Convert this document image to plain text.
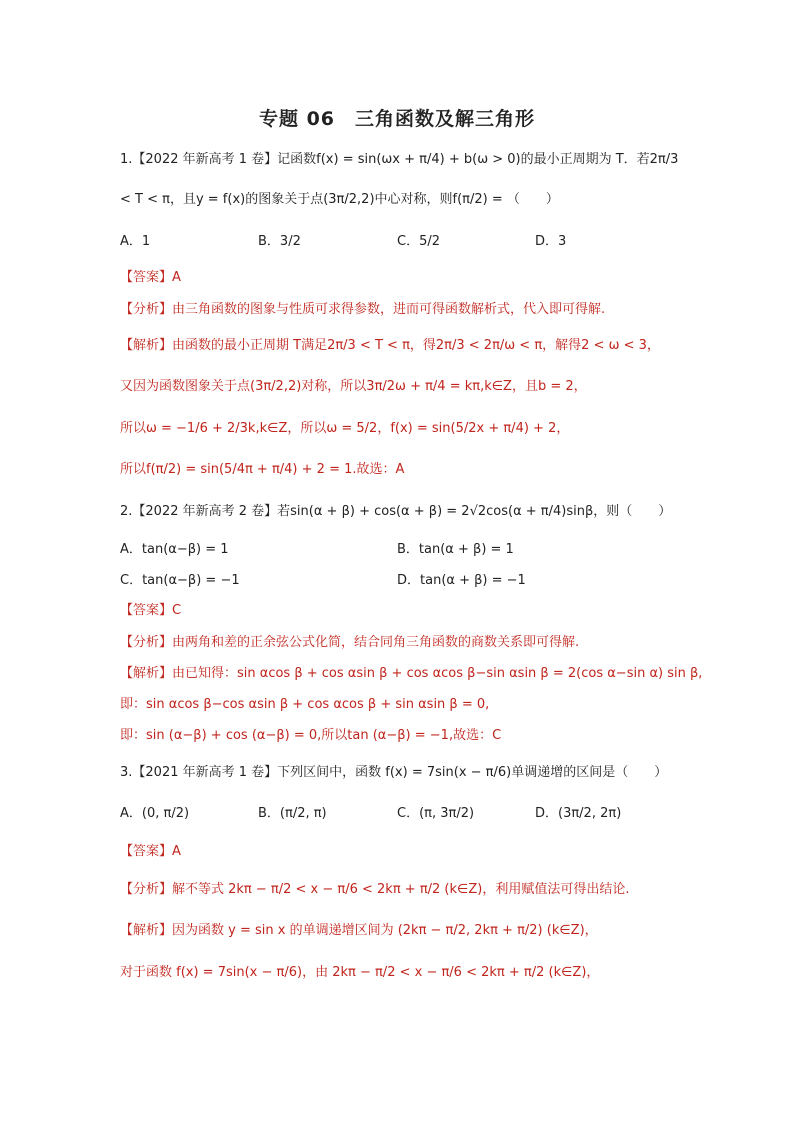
专题 06　三角函数及解三角形
1.【2022 年新高考 1 卷】记函数f(x) = sin(ωx + π/4) + b(ω > 0)的最小正周期为 T．若2π/3
< T < π，且y = f(x)的图象关于点(3π/2,2)中心对称，则f(π/2) = （　　）
A．1	B．3/2	C．5/2	D．3
【答案】A
【分析】由三角函数的图象与性质可求得参数，进而可得函数解析式，代入即可得解.
【解析】由函数的最小正周期 T满足2π/3 < T < π，得2π/3 < 2π/ω < π，解得2 < ω < 3，
又因为函数图象关于点(3π/2,2)对称，所以3π/2ω + π/4 = kπ,k∈Z，且b = 2，
所以ω = −1/6 + 2/3k,k∈Z，所以ω = 5/2，f(x) = sin(5/2x + π/4) + 2，
所以f(π/2) = sin(5/4π + π/4) + 2 = 1.故选：A
2.【2022 年新高考 2 卷】若sin(α + β) + cos(α + β) = 2√2cos(α + π/4)sinβ，则（　　）
A．tan(α−β) = 1	B．tan(α + β) = 1
C．tan(α−β) = −1	D．tan(α + β) = −1
【答案】C
【分析】由两角和差的正余弦公式化简，结合同角三角函数的商数关系即可得解.
【解析】由已知得：sin αcos β + cos αsin β + cos αcos β−sin αsin β = 2(cos α−sin α) sin β,
即：sin αcos β−cos αsin β + cos αcos β + sin αsin β = 0,
即：sin (α−β) + cos (α−β) = 0,所以tan (α−β) = −1,故选：C
3.【2021 年新高考 1 卷】下列区间中，函数 f(x) = 7sin(x − π/6)单调递增的区间是（　　）
A．(0, π/2)	B．(π/2, π)	C．(π, 3π/2)	D．(3π/2, 2π)
【答案】A
【分析】解不等式 2kπ − π/2 < x − π/6 < 2kπ + π/2 (k∈Z)，利用赋值法可得出结论.
【解析】因为函数 y = sin x 的单调递增区间为 (2kπ − π/2, 2kπ + π/2) (k∈Z)，
对于函数 f(x) = 7sin(x − π/6)，由 2kπ − π/2 < x − π/6 < 2kπ + π/2 (k∈Z)，
